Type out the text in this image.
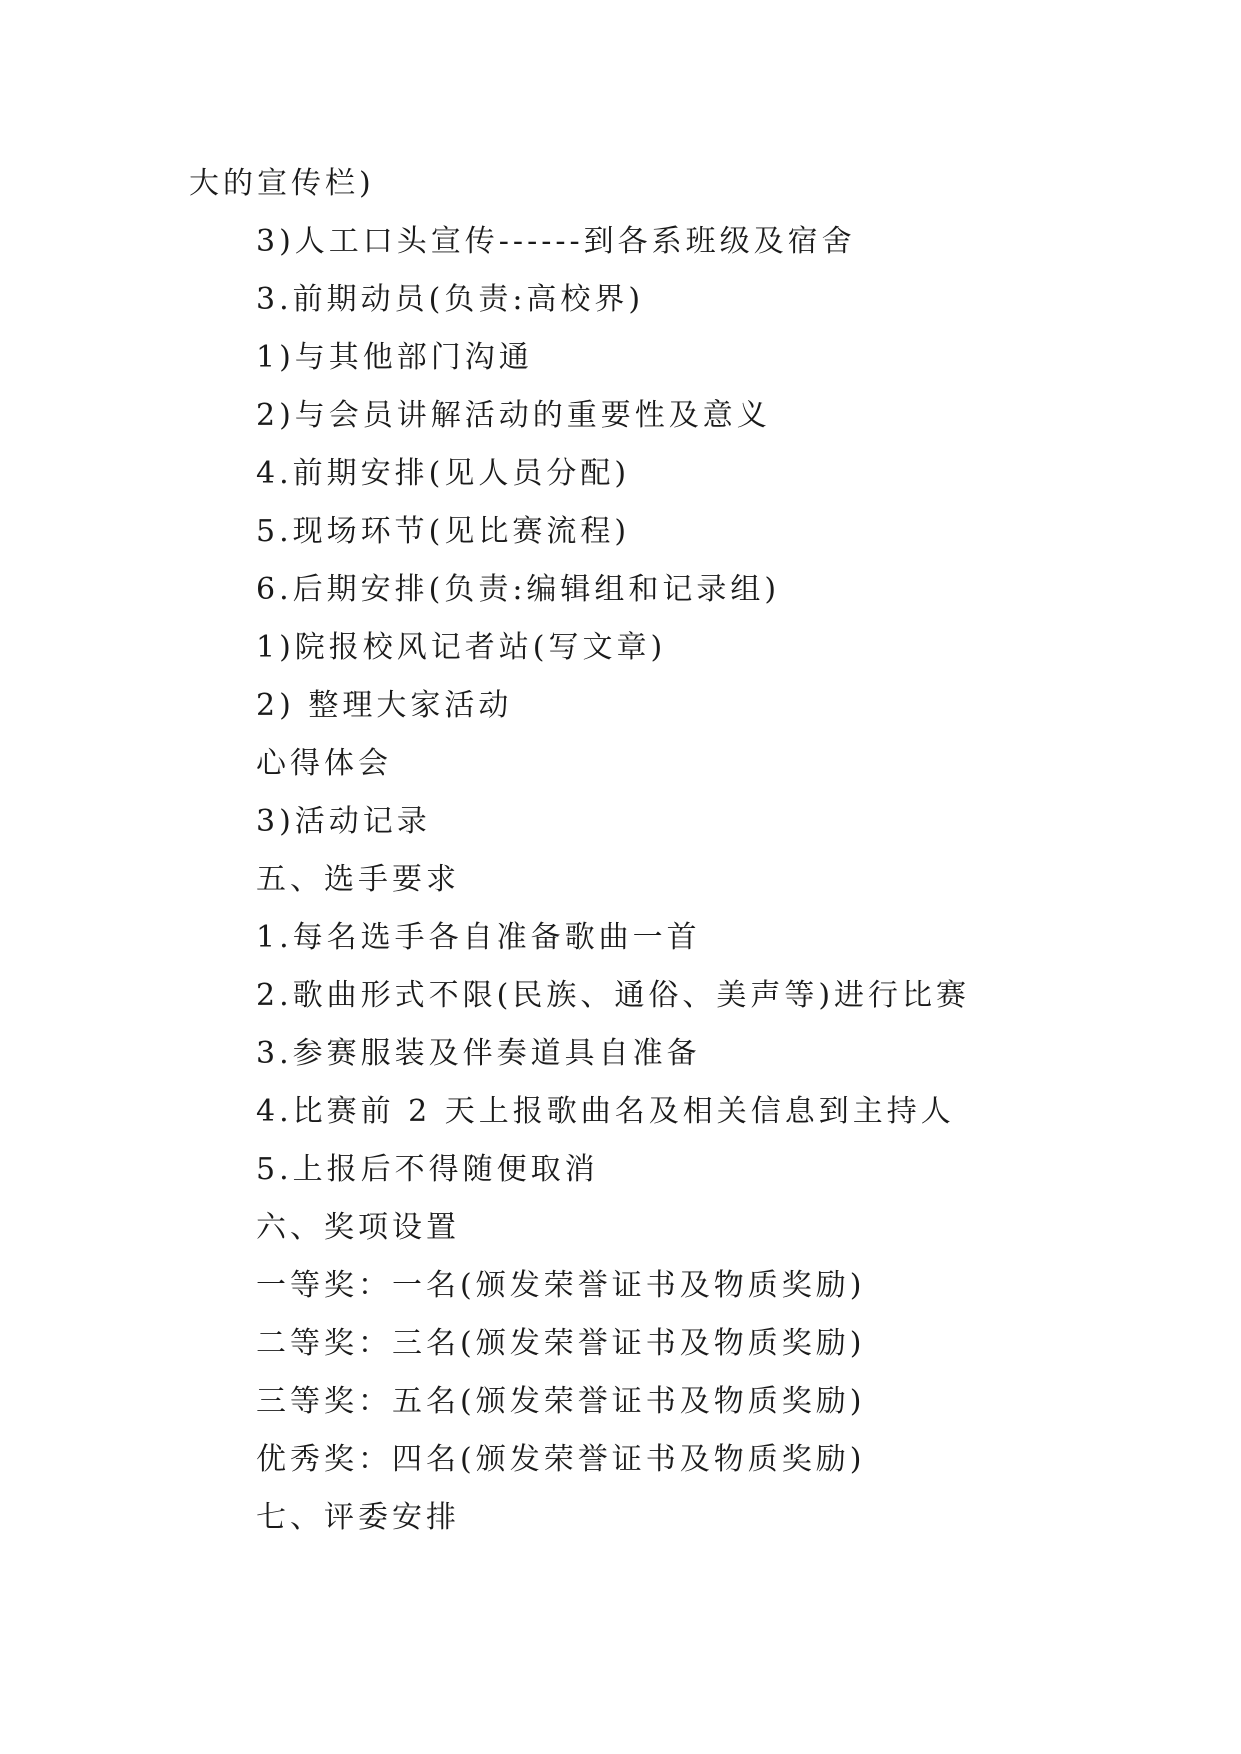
大的宣传栏)
3)人工口头宣传------到各系班级及宿舍
3.前期动员(负责:高校界)
1)与其他部门沟通
2)与会员讲解活动的重要性及意义
4.前期安排(见人员分配)
5.现场环节(见比赛流程)
6.后期安排(负责:编辑组和记录组)
1)院报校风记者站(写文章)
2) 整理大家活动
心得体会
3)活动记录
五、选手要求
1.每名选手各自准备歌曲一首
2.歌曲形式不限(民族、通俗、美声等)进行比赛
3.参赛服装及伴奏道具自准备
4.比赛前 2 天上报歌曲名及相关信息到主持人
5.上报后不得随便取消
六、奖项设置
一等奖：一名(颁发荣誉证书及物质奖励)
二等奖：三名(颁发荣誉证书及物质奖励)
三等奖：五名(颁发荣誉证书及物质奖励)
优秀奖：四名(颁发荣誉证书及物质奖励)
七、评委安排
